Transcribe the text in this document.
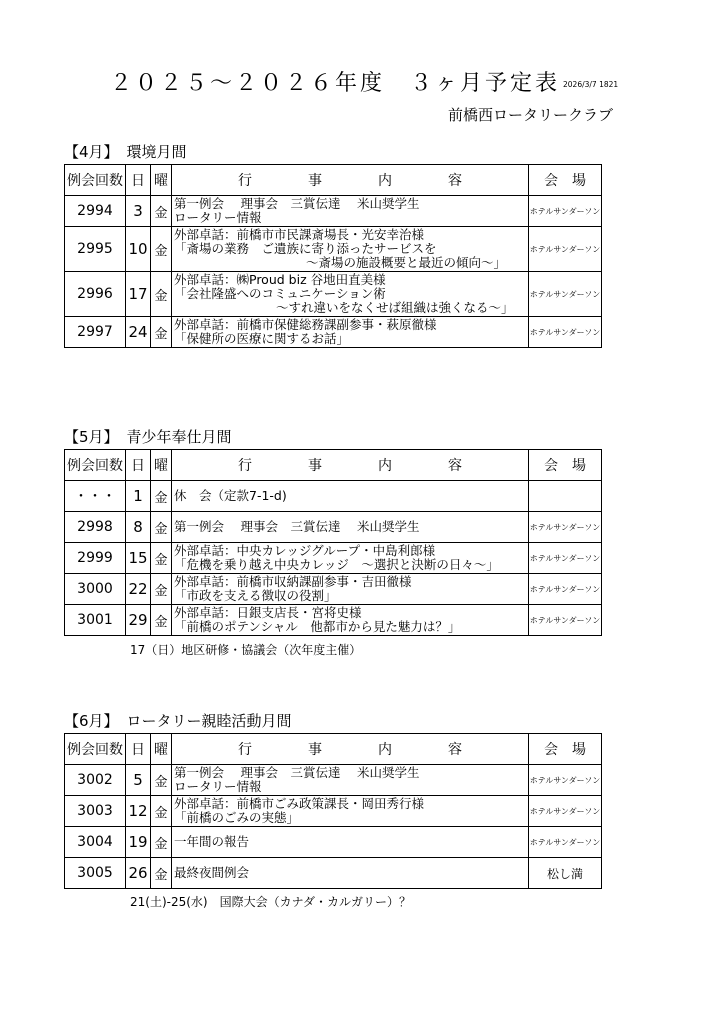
２０２５～２０２６年度　３ヶ月予定表 2026/3/7 1821
前橋西ロータリークラブ
【4月】 環境月間
例会回数	日	曜	行 事 内 容	会 場
2994	3	金	第一例会　 理事会　三賞伝達　 米山奨学生
ロータリー情報	ホテルサンダーソン
2995	10	金	外部卓話：前橋市市民課斎場長・光安幸治様
「斎場の業務　ご遺族に寄り添ったサービスを
～斎場の施設概要と最近の傾向～」	ホテルサンダーソン
2996	17	金	外部卓話：㈱Proud biz 谷地田直美様
「会社隆盛へのコミュニケーション術
～すれ違いをなくせば組織は強くなる～」	ホテルサンダーソン
2997	24	金	外部卓話：前橋市保健総務課副参事・萩原徹様
「保健所の医療に関するお話」	ホテルサンダーソン
【5月】 青少年奉仕月間
例会回数	日	曜	行 事 内 容	会 場
・・・	1	金	休　会（定款7-1-d)	

2998	8	金	第一例会　 理事会　三賞伝達　 米山奨学生	ホテルサンダーソン
2999	15	金	外部卓話：中央カレッジグループ・中島利郎様
「危機を乗り越え中央カレッジ　～選択と決断の日々～」	ホテルサンダーソン
3000	22	金	外部卓話：前橋市収納課副参事・吉田徹様
「市政を支える徴収の役割」	ホテルサンダーソン
3001	29	金	外部卓話：日銀支店長・宮将史様
「前橋のポテンシャル　他都市から見た魅力は？」	ホテルサンダーソン
17（日）地区研修・協議会（次年度主催）
【6月】 ロータリー親睦活動月間
例会回数	日	曜	行 事 内 容	会 場
3002	5	金	第一例会　 理事会　三賞伝達　 米山奨学生
ロータリー情報	ホテルサンダーソン
3003	12	金	外部卓話：前橋市ごみ政策課長・岡田秀行様
「前橋のごみの実態」	ホテルサンダーソン
3004	19	金	一年間の報告	ホテルサンダーソン
3005	26	金	最終夜間例会	松し満
21(土)-25(水)　国際大会（カナダ・カルガリー）？
